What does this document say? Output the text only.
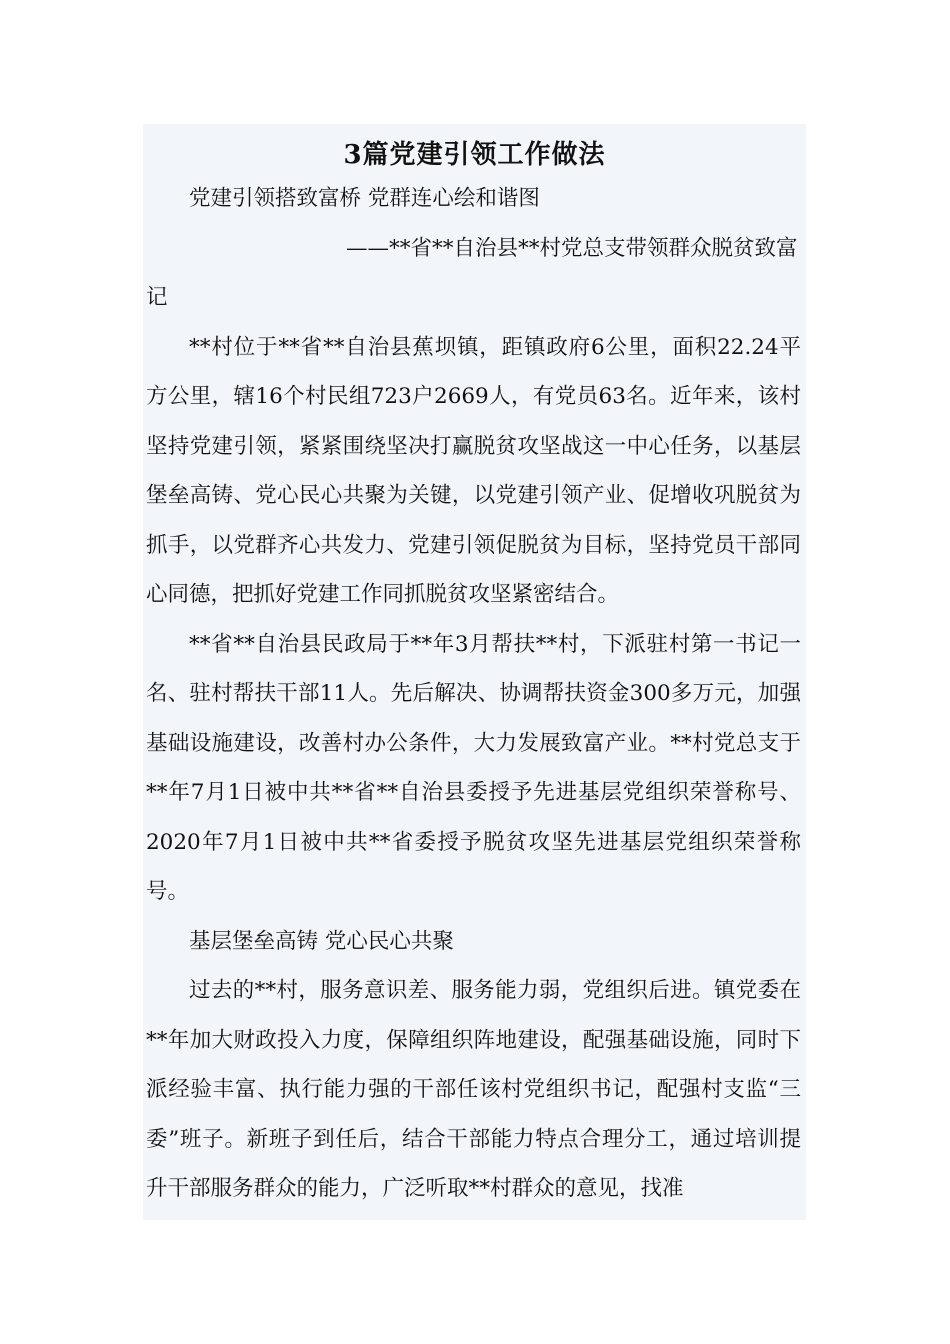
3篇党建引领工作做法

党建引领搭致富桥 党群连心绘和谐图

——**省**自治县**村党总支带领群众脱贫致富记

**村位于**省**自治县蕉坝镇，距镇政府6公里，面积22.24平方公里，辖16个村民组723户2669人，有党员63名。近年来，该村坚持党建引领，紧紧围绕坚决打赢脱贫攻坚战这一中心任务，以基层堡垒高铸、党心民心共聚为关键，以党建引领产业、促增收巩脱贫为抓手，以党群齐心共发力、党建引领促脱贫为目标，坚持党员干部同心同德，把抓好党建工作同抓脱贫攻坚紧密结合。

**省**自治县民政局于**年3月帮扶**村，下派驻村第一书记一名、驻村帮扶干部11人。先后解决、协调帮扶资金300多万元，加强基础设施建设，改善村办公条件，大力发展致富产业。**村党总支于**年7月1日被中共**省**自治县委授予先进基层党组织荣誉称号、2020年7月1日被中共**省委授予脱贫攻坚先进基层党组织荣誉称号。

基层堡垒高铸 党心民心共聚

过去的**村，服务意识差、服务能力弱，党组织后进。镇党委在**年加大财政投入力度，保障组织阵地建设，配强基础设施，同时下派经验丰富、执行能力强的干部任该村党组织书记，配强村支监“三委”班子。新班子到任后，结合干部能力特点合理分工，通过培训提升干部服务群众的能力，广泛听取**村群众的意见，找准
